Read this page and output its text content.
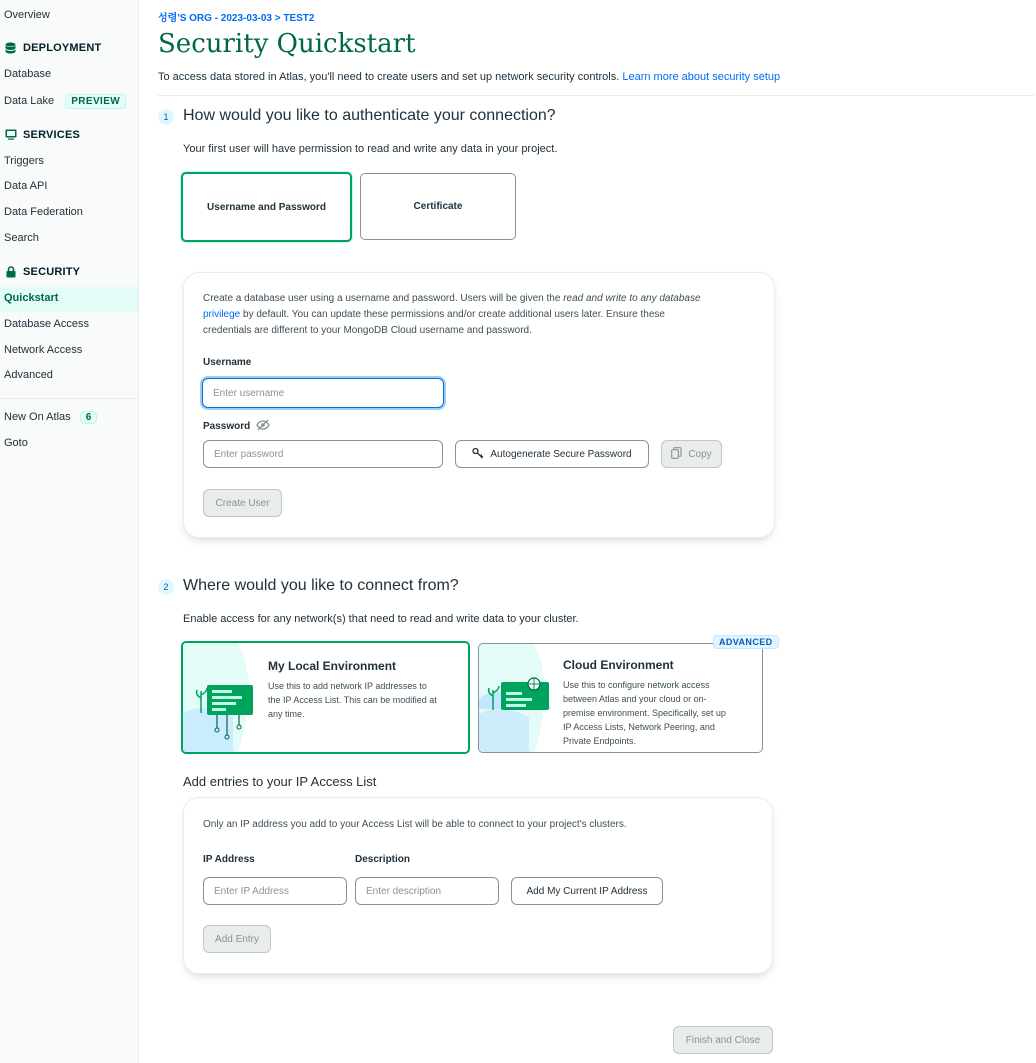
Overview
DEPLOYMENT
Database
Data Lake PREVIEW
SERVICES
Triggers
Data API
Data Federation
Search
SECURITY
Quickstart
Database Access
Network Access
Advanced
New On Atlas 6
Goto
성령'S ORG - 2023-03-03 > TEST2
Security Quickstart
To access data stored in Atlas, you'll need to create users and set up network security controls. Learn more about security setup
1 How would you like to authenticate your connection?
Your first user will have permission to read and write any data in your project.
Username and Password	Certificate
Create a database user using a username and password. Users will be given the read and write to any database
privilege by default. You can update these permissions and/or create additional users later. Ensure these
credentials are different to your MongoDB Cloud username and password.
Username
Enter username
Password
Enter password
Autogenerate Secure Password	Copy
Create User
2 Where would you like to connect from?
Enable access for any network(s) that need to read and write data to your cluster.
My Local Environment
Use this to add network IP addresses to
the IP Access List. This can be modified at
any time.
Cloud Environment
Use this to configure network access
between Atlas and your cloud or on-
premise environment. Specifically, set up
IP Access Lists, Network Peering, and
Private Endpoints.
ADVANCED
Add entries to your IP Access List
Only an IP address you add to your Access List will be able to connect to your project's clusters.
IP Address	Description
Enter IP Address
Enter description
Add My Current IP Address
Add Entry
Finish and Close
